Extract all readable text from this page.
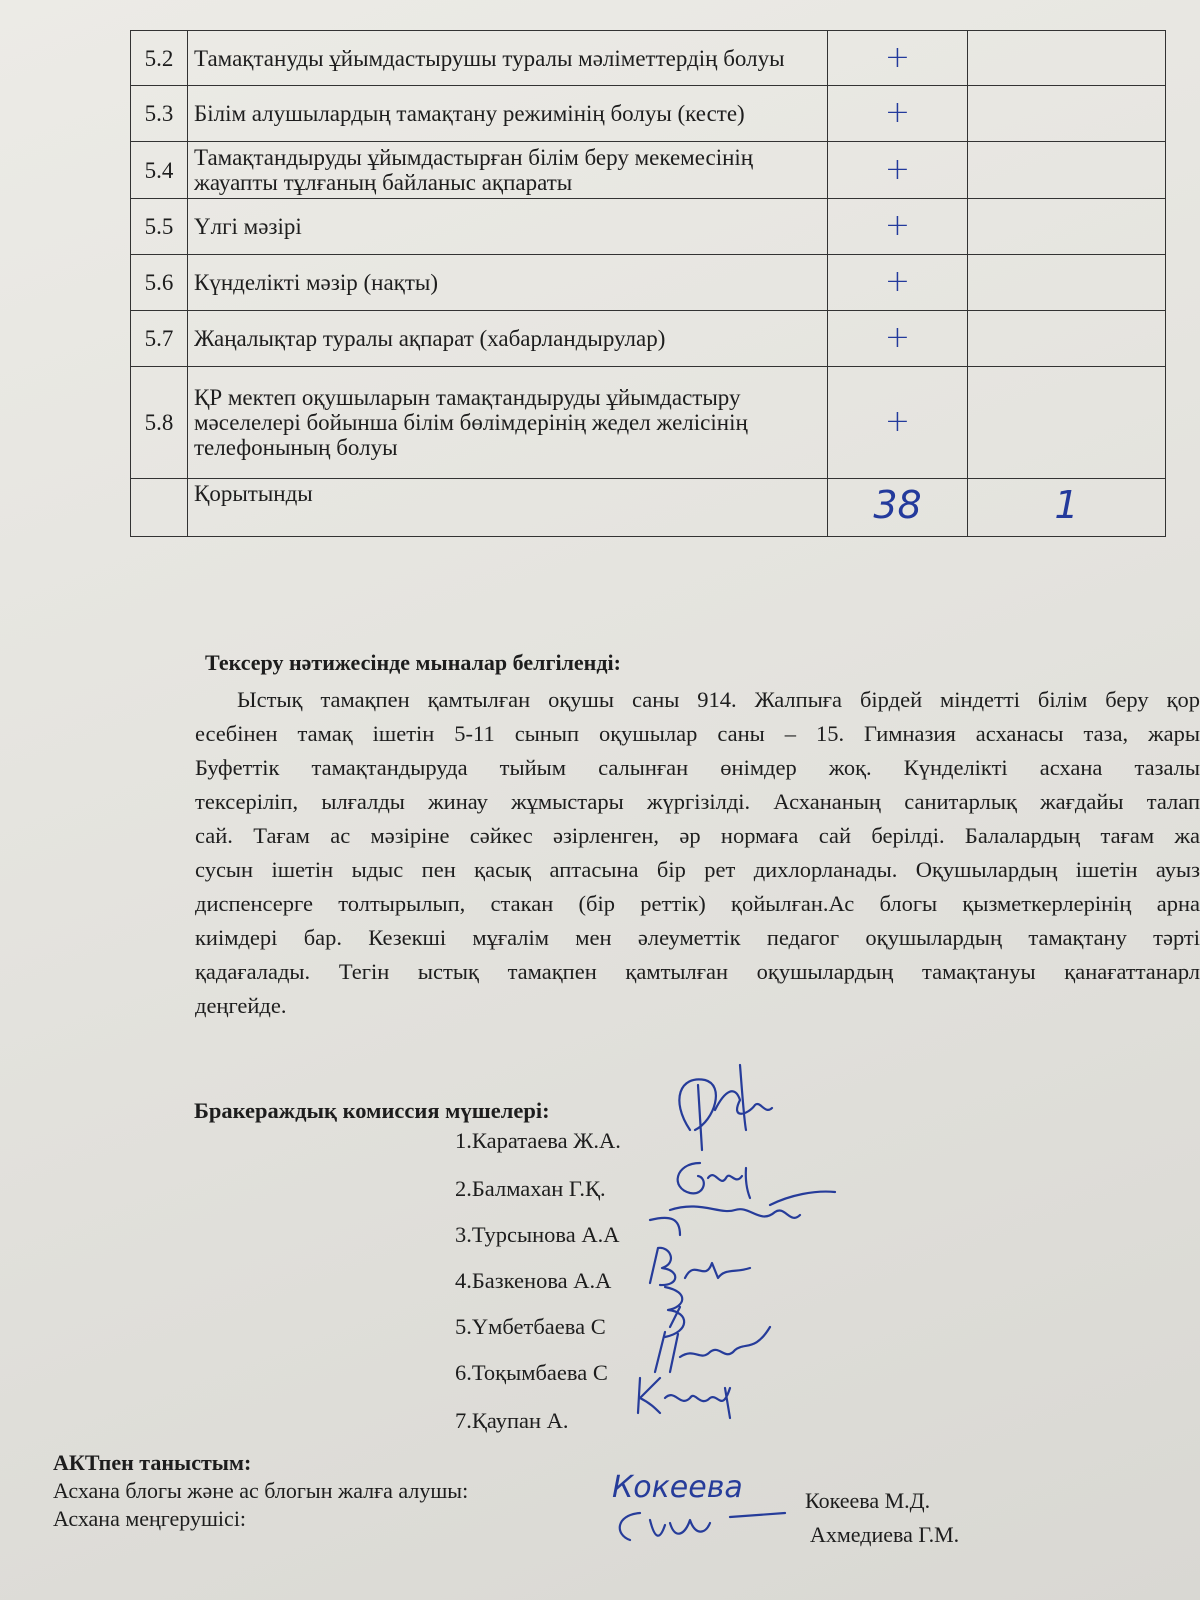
5.2	Тамақтануды ұйымдастырушы туралы мәліметтердің болуы	+	
5.3	Білім алушылардың тамақтану режимінің болуы (кесте)	+	
5.4	Тамақтандыруды ұйымдастырған білім беру мекемесінің жауапты тұлғаның байланыс ақпараты	+	
5.5	Үлгі мәзірі	+	
5.6	Күнделікті мәзір (нақты)	+	
5.7	Жаңалықтар туралы ақпарат (хабарландырулар)	+	
5.8	ҚР мектеп оқушыларын тамақтандыруды ұйымдастыру мәселелері бойынша білім бөлімдерінің жедел желісінің телефонының болуы	+	
	Қорытынды	38	1
Тексеру нәтижесінде мыналар белгіленді:
Ыстық тамақпен қамтылған оқушы саны 914. Жалпыға бірдей міндетті білім беру қор
есебінен тамақ ішетін 5-11 сынып оқушылар саны – 15. Гимназия асханасы таза, жары
Буфеттік тамақтандыруда тыйым салынған өнімдер жоқ. Күнделікті асхана тазалы
тексеріліп, ылғалды жинау жұмыстары жүргізілді. Асхананың санитарлық жағдайы талап
сай. Тағам ас мәзіріне сәйкес әзірленген, әр нормаға сай берілді. Балалардың тағам жа
сусын ішетін ыдыс пен қасық аптасына бір рет дихлорланады. Оқушылардың ішетін ауыз
диспенсерге толтырылып, стакан (бір реттік) қойылған.Ас блогы қызметкерлерінің арна
киімдері бар. Кезекші мұғалім мен әлеуметтік педагог оқушылардың тамақтану тәрті
қадағалады. Тегін ыстық тамақпен қамтылған оқушылардың тамақтануы қанағаттанарл
деңгейде.
Бракераждық комиссия мүшелері:
1.Каратаева Ж.А.
2.Балмахан Г.Қ.
3.Турсынова А.А
4.Базкенова А.А
5.Үмбетбаева С
6.Тоқымбаева С
7.Қаупан А.
АКТпен таныстым:
Асхана блогы және ас блогын жалға алушы:	Кокеева	Кокеева М.Д.
Асхана меңгерушісі:
Ахмедиева Г.М.
